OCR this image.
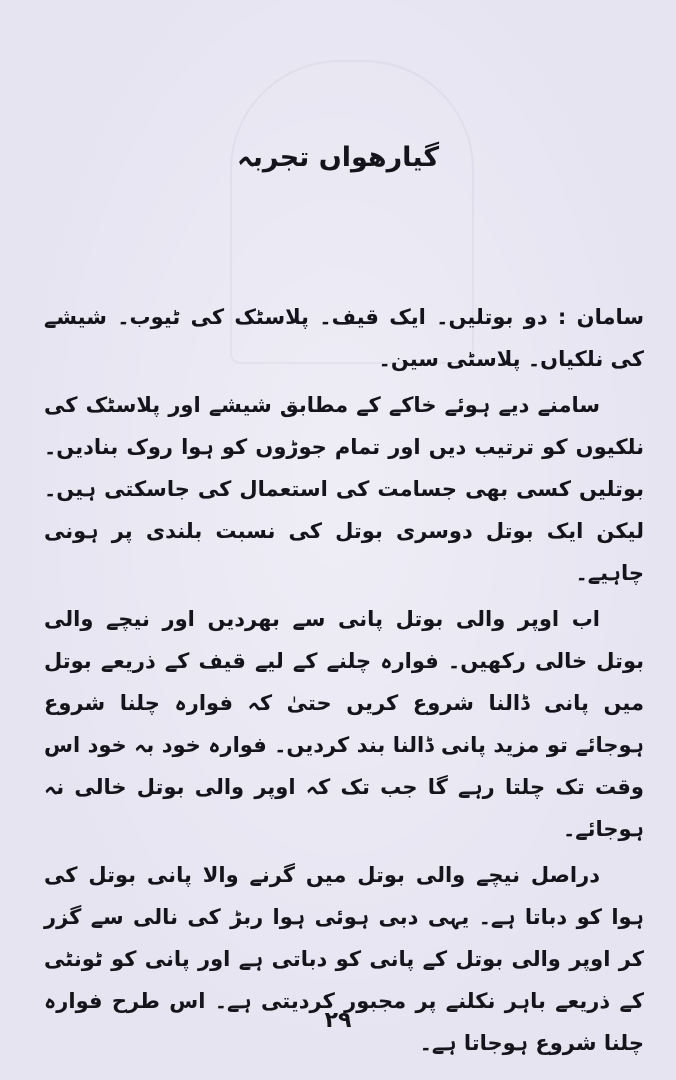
گیارھواں تجربہ

سامان : دو بوتلیں۔ ایک قیف۔ پلاسٹک کی ٹیوب۔ شیشے کی نلکیاں۔ پلاسٹی سین۔

سامنے دیے ہوئے خاکے کے مطابق شیشے اور پلاسٹک کی نلکیوں کو ترتیب دیں اور تمام جوڑوں کو ہوا روک بنادیں۔ بوتلیں کسی بھی جسامت کی استعمال کی جاسکتی ہیں۔ لیکن ایک بوتل دوسری بوتل کی نسبت بلندی پر ہونی چاہیے۔

اب اوپر والی بوتل پانی سے بھردیں اور نیچے والی بوتل خالی رکھیں۔ فوارہ چلنے کے لیے قیف کے ذریعے بوتل میں پانی ڈالنا شروع کریں حتیٰ کہ فوارہ چلنا شروع ہوجائے تو مزید پانی ڈالنا بند کردیں۔ فوارہ خود بہ خود اس وقت تک چلتا رہے گا جب تک کہ اوپر والی بوتل خالی نہ ہوجائے۔

دراصل نیچے والی بوتل میں گرنے والا پانی بوتل کی ہوا کو دباتا ہے۔ یہی دبی ہوئی ہوا ربڑ کی نالی سے گزر کر اوپر والی بوتل کے پانی کو دباتی ہے اور پانی کو ٹونٹی کے ذریعے باہر نکلنے پر مجبور کردیتی ہے۔ اس طرح فوارہ چلنا شروع ہوجاتا ہے۔

۲۹
